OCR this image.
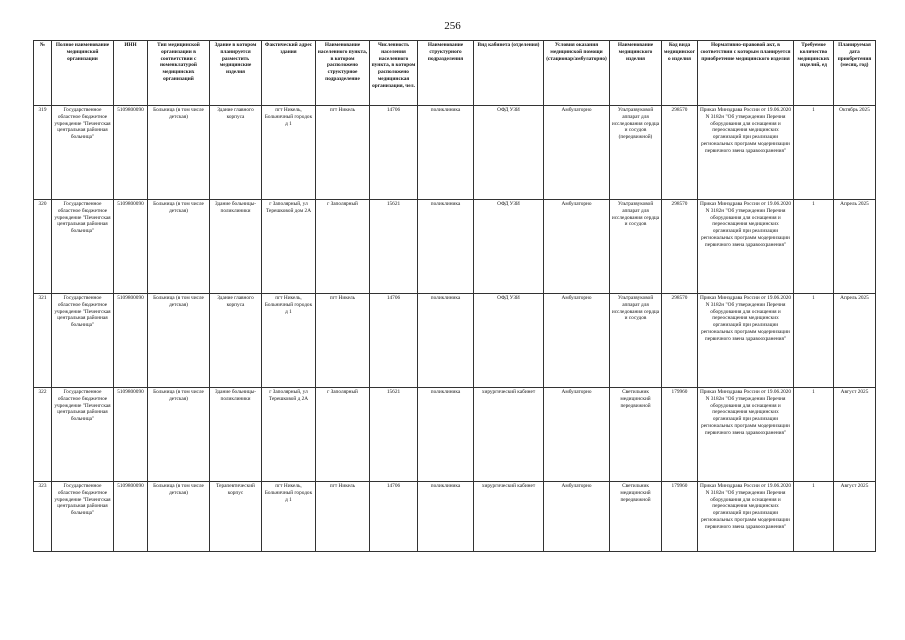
256
№	Полное наименование медицинской организации	ИНН	Тип медицинской организации в соответствии с номенклатурой медицинских организаций	Здание в котором планируется разместить медицинские изделия	Фактический адрес здания	Наименование населенного пункта, в котором расположено структурное подразделение	Численность населения населенного пункта, в котором расположено медицинская организация, чел.	Наименование структурного подразделения	Вид кабинета (отделения)	Условия оказания медицинской помощи (стационар/амбулаторно)	Наименование медицинского изделия	Код вида медицинского изделия	Нормативно-правовой акт, в соответствии с которым планируется приобретение медицинского изделия	Требуемое количество медицинских изделий, ед	Планируемая дата приобретения (месяц, год)
319	Государственное областное бюджетное учреждение "Печенгская центральная районная больница"	5109800090	Больница (в том числе детская)	Здание главного корпуса	пгт Никель, Больничный городок д 1	пгт Никель	14706	поликлиника	ОФД УЗИ	Амбулаторно	Ультразвуковой аппарат для исследования сердца и сосудов (передвижной)	298570	Приказ Минздрава России от 19.06.2020 N 3182н "Об утверждении Перечня оборудования для оснащения и переоснащения медицинских организаций при реализации региональных программ модернизации первичного звена здравоохранения"	1	Октябрь 2025
320	Государственное областное бюджетное учреждение "Печенгская центральная районная больница"	5109800090	Больница (в том числе детская)	Здание больницы-поликлиники	г Заполярный, ул Терешковой дом 2А	г Заполярный	15621	поликлиника	ОФД УЗИ	Амбулаторно	Ультразвуковой аппарат для исследования сердца и сосудов	298570	Приказ Минздрава России от 19.06.2020 N 3182н "Об утверждении Перечня оборудования для оснащения и переоснащения медицинских организаций при реализации региональных программ модернизации первичного звена здравоохранения"	1	Апрель 2025
321	Государственное областное бюджетное учреждение "Печенгская центральная районная больница"	5109800090	Больница (в том числе детская)	Здание главного корпуса	пгт Никель, Больничный городок д 1	пгт Никель	14706	поликлиника	ОФД УЗИ	Амбулаторно	Ультразвуковой аппарат для исследования сердца и сосудов	298570	Приказ Минздрава России от 19.06.2020 N 3182н "Об утверждении Перечня оборудования для оснащения и переоснащения медицинских организаций при реализации региональных программ модернизации первичного звена здравоохранения"	1	Апрель 2025
322	Государственное областное бюджетное учреждение "Печенгская центральная районная больница"	5109800090	Больница (в том числе детская)	Здание больницы-поликлиники	г Заполярный, ул Терешковой д 2А	г Заполярный	15621	поликлиника	хирургический кабинет	Амбулаторно	Светильник медицинский передвижной	179960	Приказ Минздрава России от 19.06.2020 N 3182н "Об утверждении Перечня оборудования для оснащения и переоснащения медицинских организаций при реализации региональных программ модернизации первичного звена здравоохранения"	1	Август 2025
323	Государственное областное бюджетное учреждение "Печенгская центральная районная больница"	5109800090	Больница (в том числе детская)	Терапевтический корпус	пгт Никель, Больничный городок д 1	пгт Никель	14706	поликлиника	хирургический кабинет	Амбулаторно	Светильник медицинский передвижной	179960	Приказ Минздрава России от 19.06.2020 N 3182н "Об утверждении Перечня оборудования для оснащения и переоснащения медицинских организаций при реализации региональных программ модернизации первичного звена здравоохранения"	1	Август 2025
